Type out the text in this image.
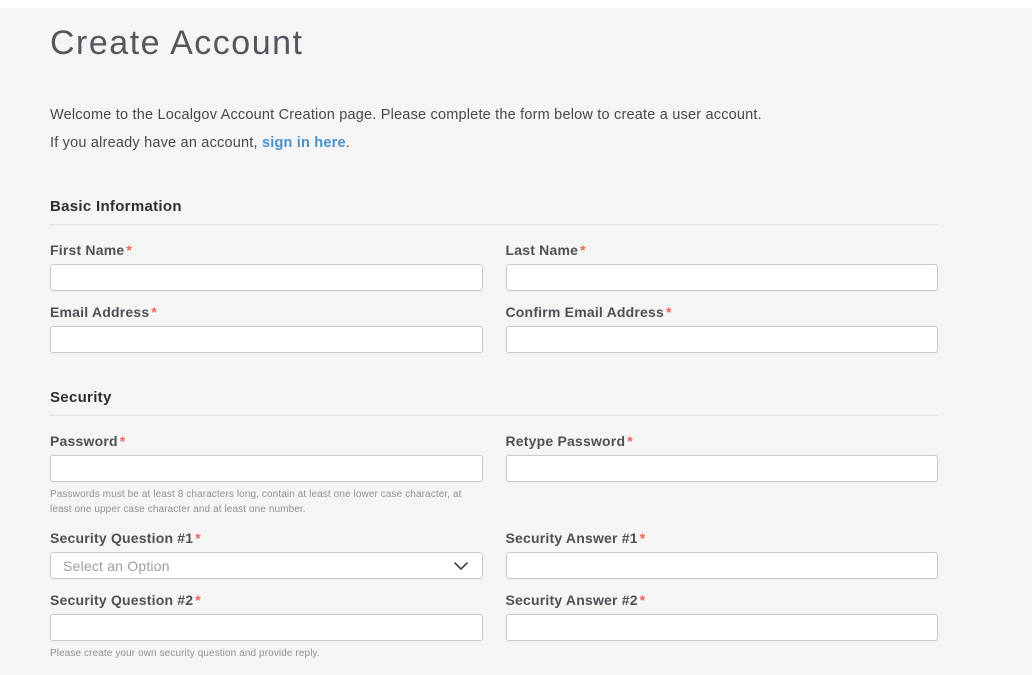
Create Account

Welcome to the Localgov Account Creation page. Please complete the form below to create a user account.

If you already have an account, sign in here.

Basic Information
First Name *	Last Name *
Email Address *	Confirm Email Address *
Security
Password *
Passwords must be at least 8 characters long, contain at least one lower case character, at least one upper case character and at least one number.
Retype Password *
Security Question #1 *
Select an Option
Security Answer #1 *
Security Question #2 *
Please create your own security question and provide reply.
Security Answer #2 *
